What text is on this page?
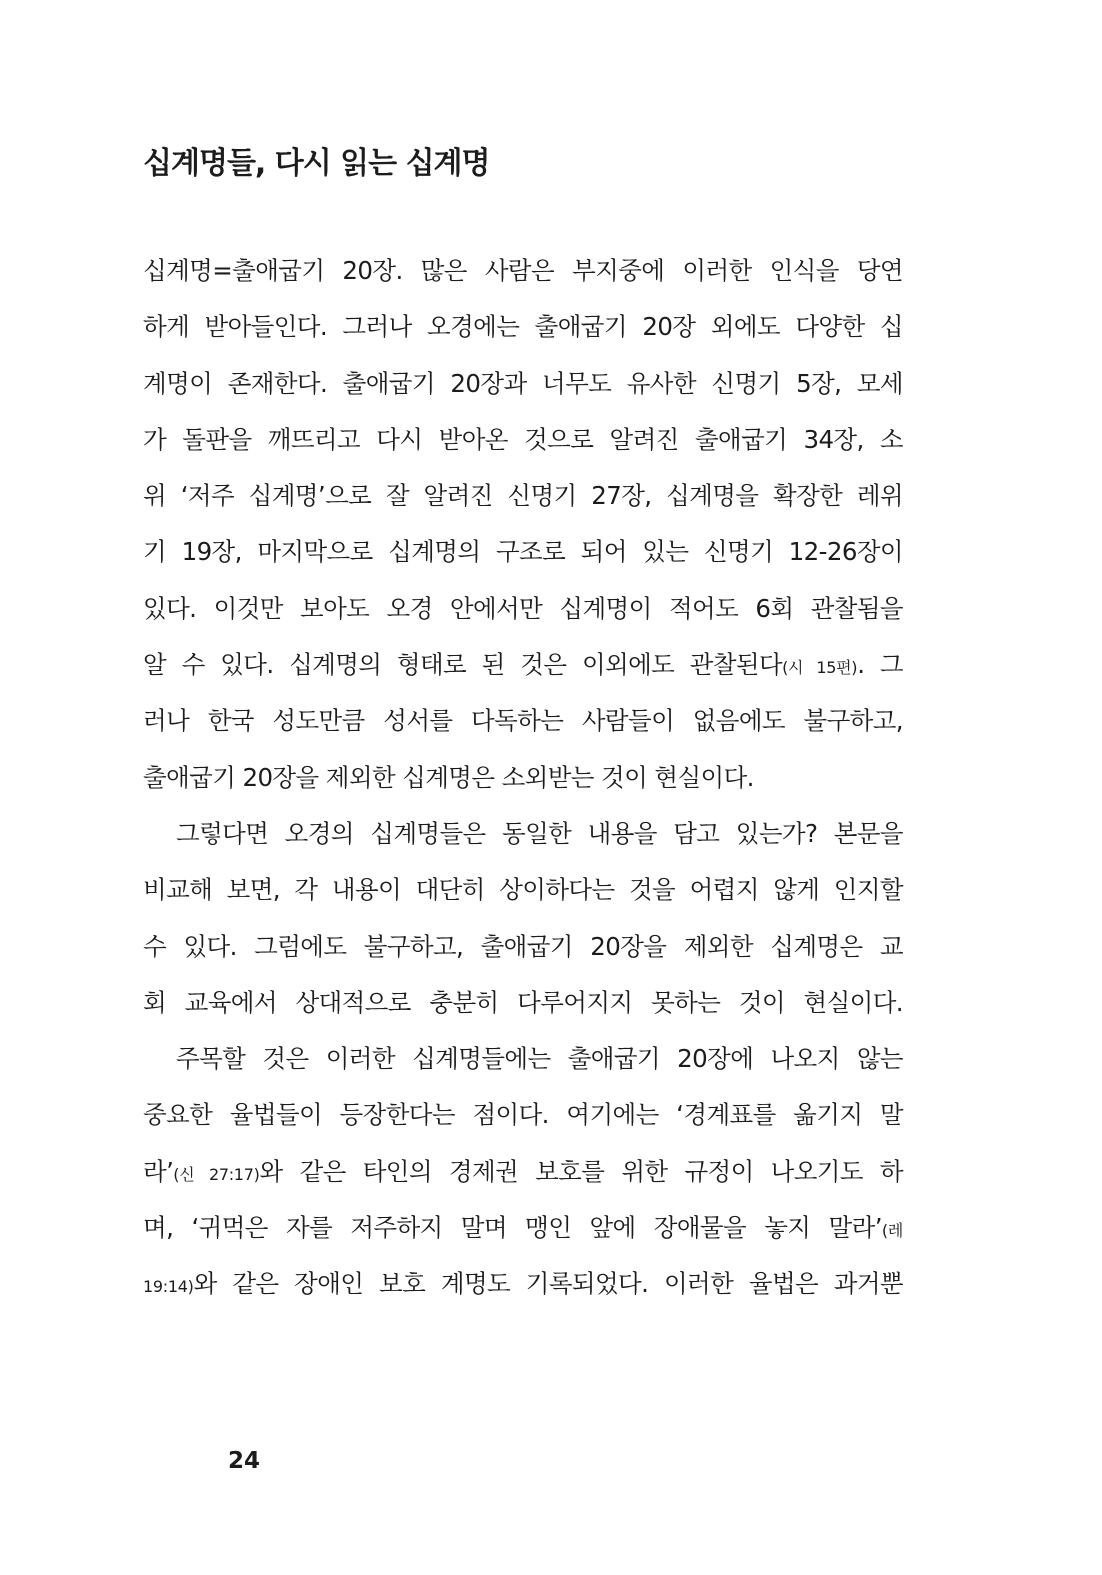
십계명들, 다시 읽는 십계명
십계명=출애굽기 20장. 많은 사람은 부지중에 이러한 인식을 당연
하게 받아들인다. 그러나 오경에는 출애굽기 20장 외에도 다양한 십
계명이 존재한다. 출애굽기 20장과 너무도 유사한 신명기 5장, 모세
가 돌판을 깨뜨리고 다시 받아온 것으로 알려진 출애굽기 34장, 소
위 ‘저주 십계명’으로 잘 알려진 신명기 27장, 십계명을 확장한 레위
기 19장, 마지막으로 십계명의 구조로 되어 있는 신명기 12-26장이
있다. 이것만 보아도 오경 안에서만 십계명이 적어도 6회 관찰됨을
알 수 있다. 십계명의 형태로 된 것은 이외에도 관찰된다(시 15편). 그
러나 한국 성도만큼 성서를 다독하는 사람들이 없음에도 불구하고,
출애굽기 20장을 제외한 십계명은 소외받는 것이 현실이다.
그렇다면 오경의 십계명들은 동일한 내용을 담고 있는가? 본문을
비교해 보면, 각 내용이 대단히 상이하다는 것을 어렵지 않게 인지할
수 있다. 그럼에도 불구하고, 출애굽기 20장을 제외한 십계명은 교
회 교육에서 상대적으로 충분히 다루어지지 못하는 것이 현실이다.
주목할 것은 이러한 십계명들에는 출애굽기 20장에 나오지 않는
중요한 율법들이 등장한다는 점이다. 여기에는 ‘경계표를 옮기지 말
라’(신 27:17)와 같은 타인의 경제권 보호를 위한 규정이 나오기도 하
며, ‘귀먹은 자를 저주하지 말며 맹인 앞에 장애물을 놓지 말라’(레
19:14)와 같은 장애인 보호 계명도 기록되었다. 이러한 율법은 과거뿐
24
